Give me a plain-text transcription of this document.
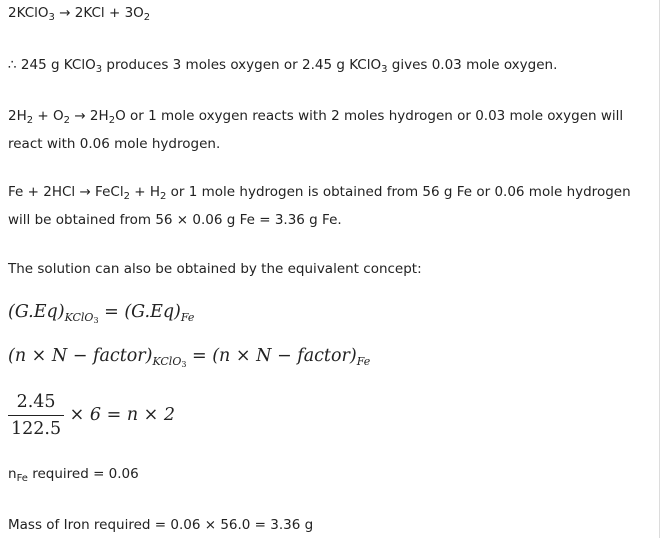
2KClO$_3$ → $2KCl + 3O_2$
∴ 245 g KClO$_3$ produces 3 moles oxygen or 2.45 g KClO$_3$ gives 0.03 mole oxygen.
$2H_2 + O_2 \to 2H_2O$ or 1 mole oxygen reacts with 2 moles hydrogen or 0.03 mole oxygen will
react with 0.06 mole hydrogen.
Fe + 2HCl → FeCl$_2$ + $H_2$ or 1 mole hydrogen is obtained from 56 g Fe or 0.06 mole hydrogen
will be obtained from 56 × 0.06 g Fe = 3.36 g Fe.
The solution can also be obtained by the equivalent concept:
$(G.Eq)_{KClO_3} = (G.Eq)_{Fe}$
$(n \times N - factor)_{KClO_3} = (n \times N$ − $factor)_{Fe}$
$\frac{2.45}{122.5} \times 6 = n \times 2$
$n_{Fe}$ required = 0.06
Mass of Iron required = 0.06 × 56.0 = 3.36 g
